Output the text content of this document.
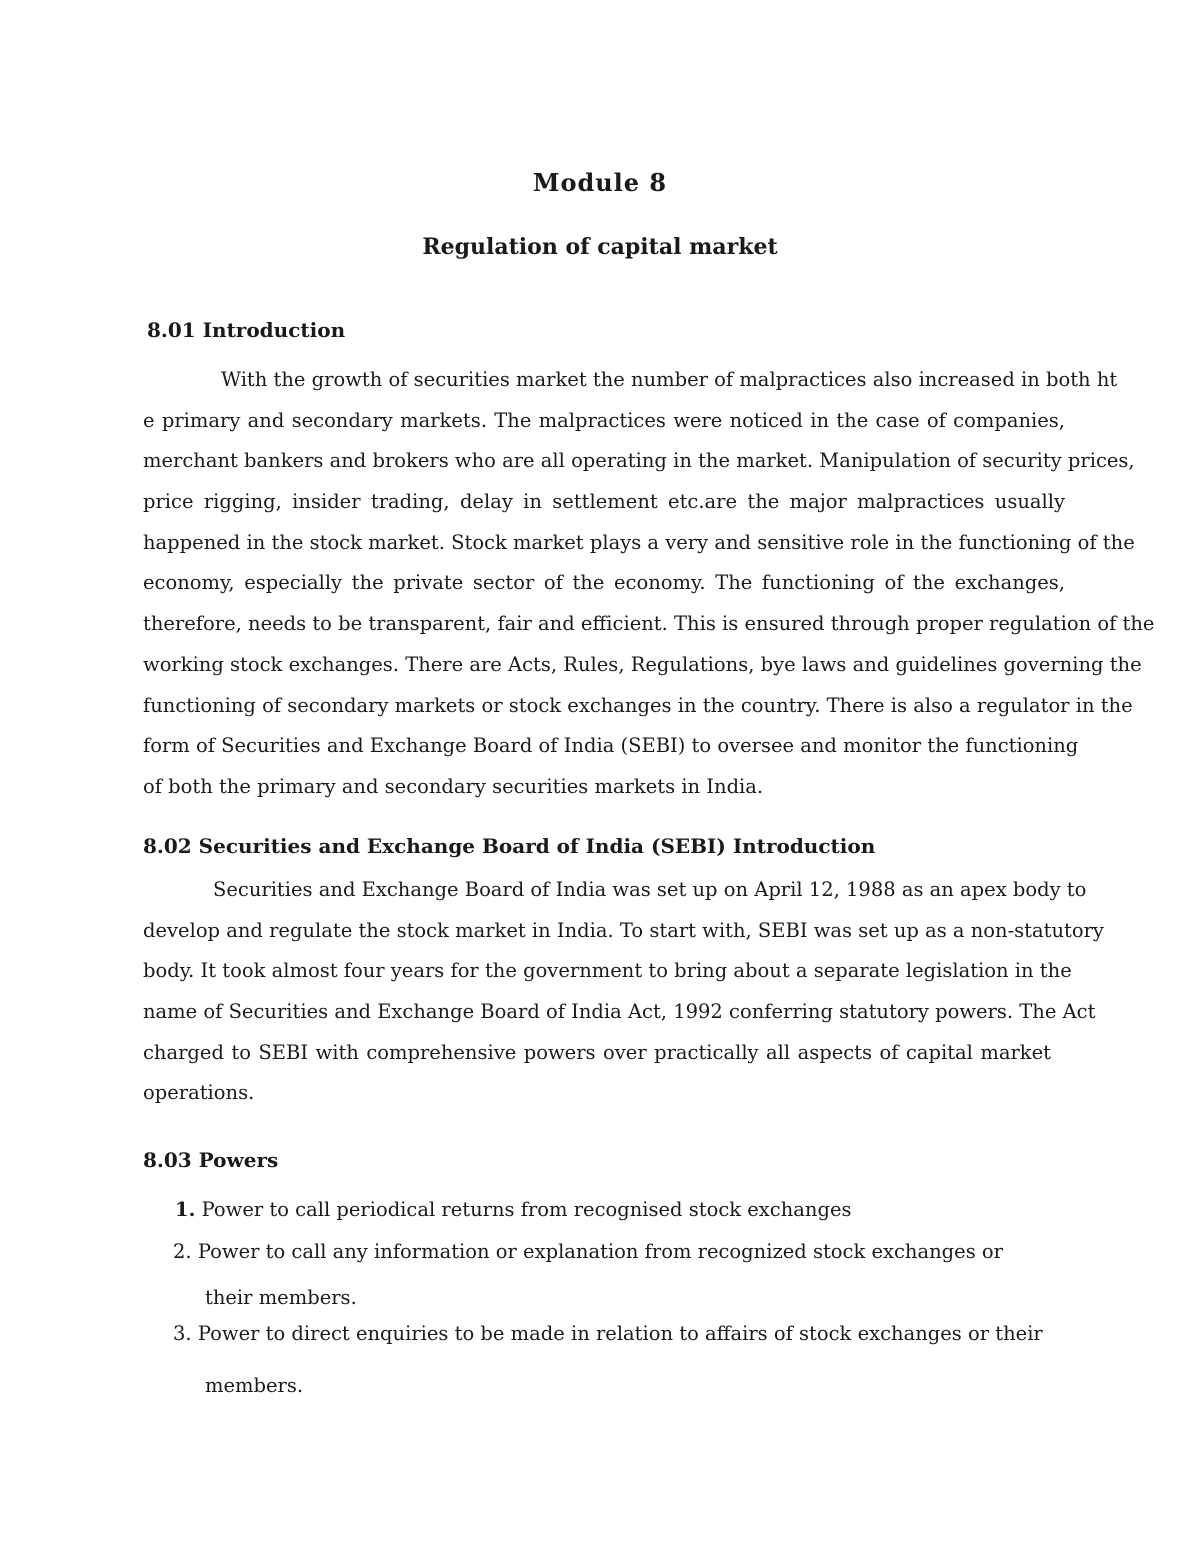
Module 8
Regulation of capital market
8.01 Introduction
With the growth of securities market the number of malpractices also increased in both ht
e primary and secondary markets. The malpractices were noticed in the case of companies,
merchant bankers and brokers who are all operating in the market. Manipulation of security prices,
price rigging, insider trading, delay in settlement etc.are the major malpractices usually
happened in the stock market. Stock market plays a very and sensitive role in the functioning of the
economy, especially the private sector of the economy. The functioning of the exchanges,
therefore, needs to be transparent, fair and efficient. This is ensured through proper regulation of the
working stock exchanges. There are Acts, Rules, Regulations, bye laws and guidelines governing the
functioning of secondary markets or stock exchanges in the country. There is also a regulator in the
form of Securities and Exchange Board of India (SEBI) to oversee and monitor the functioning
of both the primary and secondary securities markets in India.
8.02 Securities and Exchange Board of India (SEBI) Introduction
Securities and Exchange Board of India was set up on April 12, 1988 as an apex body to
develop and regulate the stock market in India. To start with, SEBI was set up as a non-statutory
body. It took almost four years for the government to bring about a separate legislation in the
name of Securities and Exchange Board of India Act, 1992 conferring statutory powers. The Act
charged to SEBI with comprehensive powers over practically all aspects of capital market
operations.
8.03 Powers

1. Power to call periodical returns from recognised stock exchanges

2. Power to call any information or explanation from recognized stock exchanges or

their members.

3. Power to direct enquiries to be made in relation to affairs of stock exchanges or their

members.
